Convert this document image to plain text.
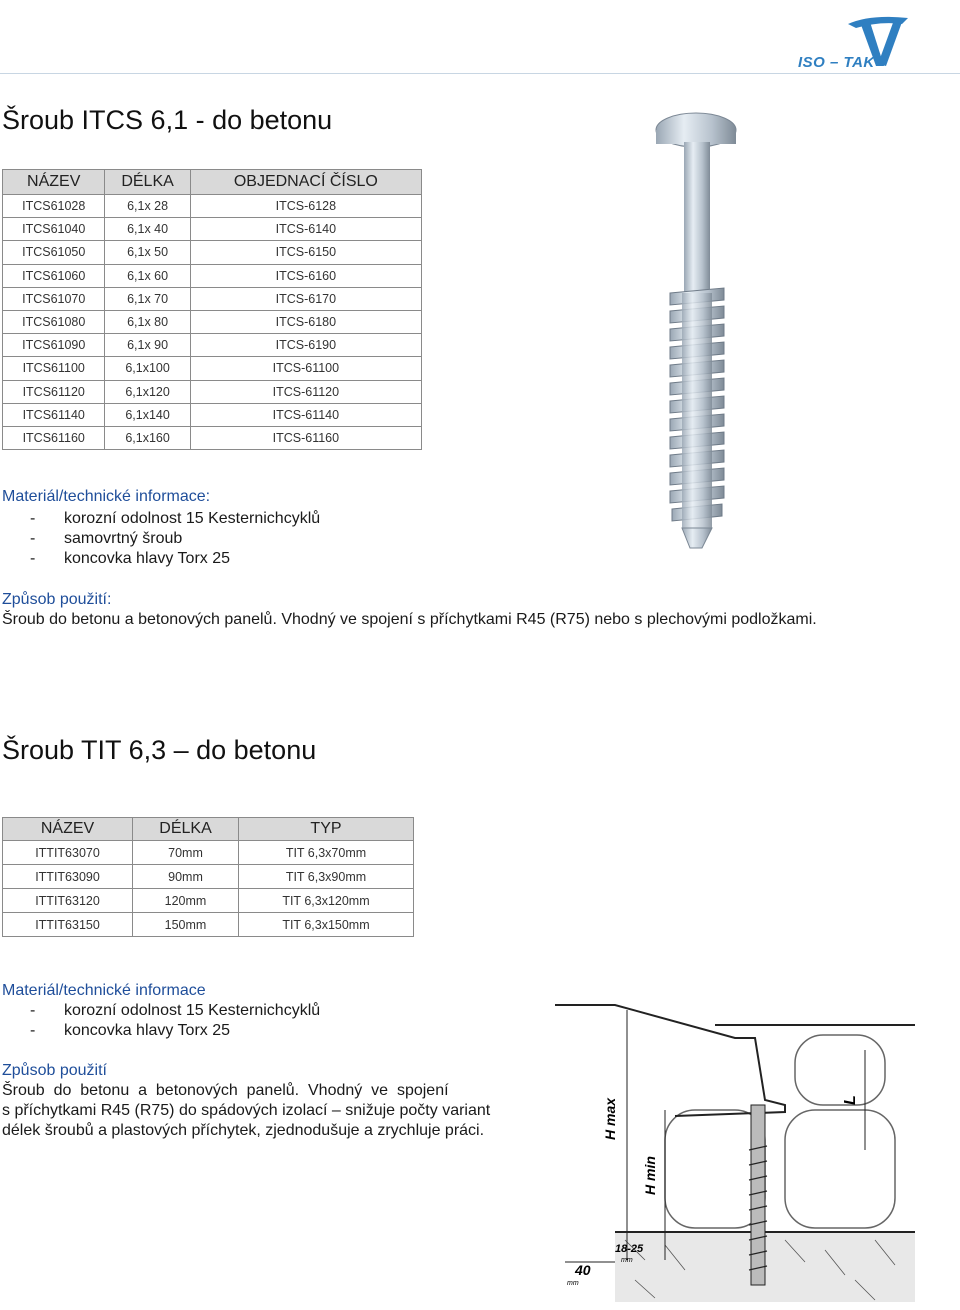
ISO – TAK
Šroub ITCS 6,1 - do betonu
NÁZEV	DÉLKA	OBJEDNACÍ ČÍSLO
ITCS61028	6,1x 28	ITCS-6128
ITCS61040	6,1x 40	ITCS-6140
ITCS61050	6,1x 50	ITCS-6150
ITCS61060	6,1x 60	ITCS-6160
ITCS61070	6,1x 70	ITCS-6170
ITCS61080	6,1x 80	ITCS-6180
ITCS61090	6,1x 90	ITCS-6190
ITCS61100	6,1x100	ITCS-61100
ITCS61120	6,1x120	ITCS-61120
ITCS61140	6,1x140	ITCS-61140
ITCS61160	6,1x160	ITCS-61160
Materiál/technické informace:
- korozní odolnost 15 Kesternichcyklů
- samovrtný šroub
- koncovka hlavy Torx 25
Způsob použití:
Šroub do betonu a betonových panelů. Vhodný ve spojení s příchytkami R45 (R75) nebo s plechovými podložkami.
Šroub TIT 6,3 – do betonu
NÁZEV	DÉLKA	TYP
ITTIT63070	70mm	TIT 6,3x70mm
ITTIT63090	90mm	TIT 6,3x90mm
ITTIT63120	120mm	TIT 6,3x120mm
ITTIT63150	150mm	TIT 6,3x150mm
Materiál/technické informace
- korozní odolnost 15 Kesternichcyklů
- koncovka hlavy Torx 25
Způsob použití
Šroub  do  betonu  a  betonových  panelů.  Vhodný  ve  spojení
s příchytkami R45 (R75) do spádových izolací – snižuje počty variant
délek šroubů a plastových příchytek, zjednodušuje a zrychluje práci.	H max
H min
L
40
mm
18-25
mm
